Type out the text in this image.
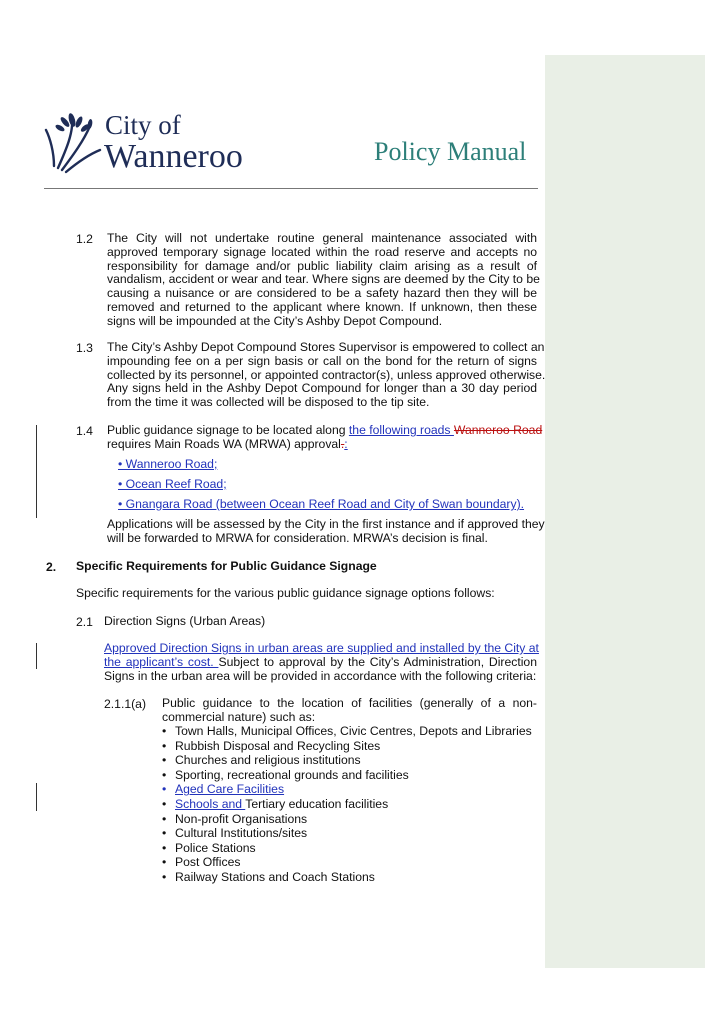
City of
Wanneroo	Policy Manual
1.2 The City will not undertake routine general maintenance associated with
approved temporary signage located within the road reserve and accepts no
responsibility for damage and/or public liability claim arising as a result of
vandalism, accident or wear and tear. Where signs are deemed by the City to be
causing a nuisance or are considered to be a safety hazard then they will be
removed and returned to the applicant where known. If unknown, then these
signs will be impounded at the City’s Ashby Depot Compound.
1.3 The City’s Ashby Depot Compound Stores Supervisor is empowered to collect an
impounding fee on a per sign basis or call on the bond for the return of signs
collected by its personnel, or appointed contractor(s), unless approved otherwise.
Any signs held in the Ashby Depot Compound for longer than a 30 day period
from the time it was collected will be disposed to the tip site.
1.4 Public guidance signage to be located along the following roads Wanneroo Road
requires Main Roads WA (MRWA) approval.:
• Wanneroo Road;
• Ocean Reef Road;
• Gnangara Road (between Ocean Reef Road and City of Swan boundary).
Applications will be assessed by the City in the first instance and if approved they
will be forwarded to MRWA for consideration. MRWA’s decision is final.
2. Specific Requirements for Public Guidance Signage
Specific requirements for the various public guidance signage options follows:
2.1 Direction Signs (Urban Areas)
Approved Direction Signs in urban areas are supplied and installed by the City at
the applicant’s cost. Subject to approval by the City’s Administration, Direction
Signs in the urban area will be provided in accordance with the following criteria:
2.1.1(a) Public guidance to the location of facilities (generally of a non-
commercial nature) such as:
• Town Halls, Municipal Offices, Civic Centres, Depots and Libraries
• Rubbish Disposal and Recycling Sites
• Churches and religious institutions
• Sporting, recreational grounds and facilities
• Aged Care Facilities
• Schools and Tertiary education facilities
• Non-profit Organisations
• Cultural Institutions/sites
• Police Stations
• Post Offices
• Railway Stations and Coach Stations
